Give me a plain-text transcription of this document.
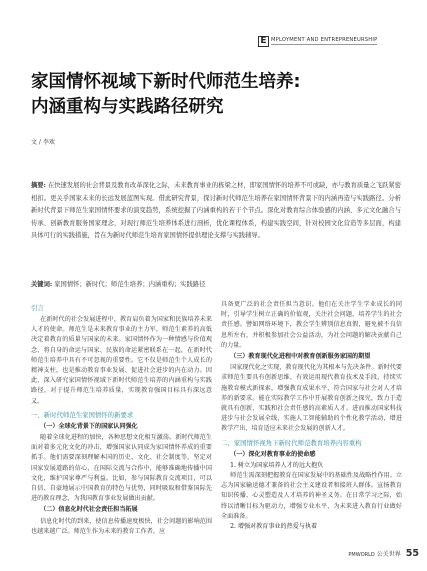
E MPLOYMENT AND ENTREPRENEURSHIP
家国情怀视域下新时代师范生培养:
内涵重构与实践路径研究
文 / 李欢
摘要: 在快速发展的社会背景及教育改革深化之际，未来教育事业的栋梁之材，即家国情怀的培养不可或缺，亦与教育质量之飞跃紧密相扣。更关乎国家未来的长远发展蓝图实现。借此研究背景，探讨新时代师范生培养在家国情怀背景下的内涵再造与实践路径。分析新时代背景下师范生家国情怀要求的演变趋势，系统挖掘了内涵重构的若干个节点。深化对教育综合体验感的内涵、多元文化融合与传承、创新教育服务国家理念，对现行师范生培养体系进行剖析，优化课程体系，构建实践空间，针对校园文化营造等多层面，构建具体可行的实践措施，旨在为新时代师范生培育家国情怀提供理论支撑与实践辅导。
关键词: 家国情怀；新时代；师范生培养；内涵重构；实践路径
引言

在新时代的社会发展进程中，教育肩负着为国家和民族培养未来人才的使命。师范生是未来教育事业的主力军，师范生素养的高低决定着教育的质量与国家的未来。家国情怀作为一种情感与价值观念，将自身的命运与国家、民族的命运紧密联系在一起，在新时代师范生培养中具有不可忽视的重要性。它不仅是师范生个人成长的精神支柱，也是推动教育事业发展、促进社会进步的内在动力。因此，深入研究家国情怀视域下新时代师范生培养的内涵重构与实践路径，对于提升师范生培养质量，实现教育强国目标具有深远意义。

一、新时代师范生家国情怀的新要求
（一）全球化背景下的国家认同强化

随着全球化进程的加快，各种思想文化相互激荡。新时代师范生面对着多元化文化的冲击，增强国家认同成为家国情怀养成的重要抓手。他们需要深刻理解本国的历史、文化、社会制度等，坚定对国家发展道路的信心，在国际交流与合作中，能够准确地传播中国文化，维护国家尊严与利益。比如，参与国际教育交流项目，可以自信、自豪地展示中国教育的特色与优势，同时吸取和借鉴国际先进的教育理念，为我国教育事业发展做出贡献。

（二）信息化时代社会责任担当拓展

信息化时代的到来，使信息传播速度极快，社会问题的影响范围也越来越广泛。师范生作为未来的教育工作者，应

具备更广泛的社会责任担当意识。他们在关注学生学业成长的同时，引导学生树立正确的价值观，关注社会问题，培养学生的社会责任感。譬如网络环境下，教会学生辨别信息真假，避免被不良信息所左右，并积极参加社会公益活动，为社会问题的解决贡献自己的力量。

（三）教育现代化进程中对教育创新服务家国的期望

国家现代化之实现，教育现代化为其根本与先决条件。新时代要求师范生要具有创新思维、有效运用现代教育技术及手段，持续实施教育模式新探索，增强教育成果水平，符合国家与社会对人才培养的新要求。能在实际教学工作中开展教育创新之探究，致力于造就具有创新、实践和社会责任感的高素质人才。进而推动国家科技进步与社会发展全线，实施人工智能辅助的个性化教学活动，增进教学产出，培育适应未来社会发展的创新人才。

二、家国情怀视角下新时代师范教育培养内容重构
（一）深化对教育事业的使命感
1. 树立为国家培养人才的远大抱负

师范生需深刻把握教育在国家发展中的基础性及战略性作用。立志为国家输送德才兼备的社会主义建设者和接班人群体。宣扬教育知识传播、心灵塑造及人才培养的神圣义务。在日常学习之际，始终以清晰目标为驱动力，增强专业水平，为未来进入教育行业做好全面准备。

2. 增强对教育事业的热爱与执着
PMWORLD 公关世界 55
